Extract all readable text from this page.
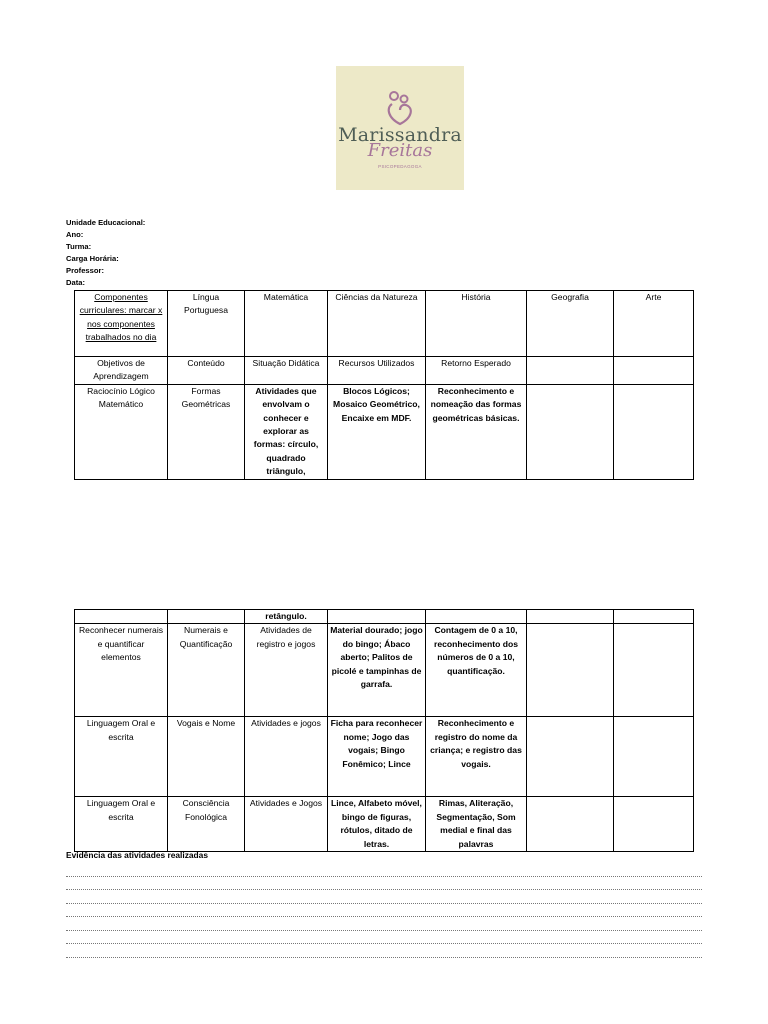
Marissandra
Freitas
PSICOPEDAGOGA
Unidade Educacional:
Ano:
Turma:
Carga Horária:
Professor:
Data:
Componentes curriculares: marcar x nos componentes trabalhados no dia	Língua Portuguesa	Matemática	Ciências da Natureza	História	Geografia	Arte
Objetivos de Aprendizagem	Conteúdo	Situação Didática	Recursos Utilizados	Retorno Esperado		
Raciocínio Lógico Matemático	Formas Geométricas	Atividades que envolvam o conhecer e explorar as formas: círculo, quadrado triângulo,	Blocos Lógicos; Mosaico Geométrico, Encaixe em MDF.	Reconhecimento e nomeação das formas geométricas básicas.		
		retângulo.				
Reconhecer numerais e quantificar elementos	Numerais e Quantificação	Atividades de registro e jogos	Material dourado; jogo do bingo; Ábaco aberto; Palitos de picolé e tampinhas de garrafa.	Contagem de 0 a 10, reconhecimento dos números de 0 a 10, quantificação.		
Linguagem Oral e escrita	Vogais e Nome	Atividades e jogos	Ficha para reconhecer nome; Jogo das vogais; Bingo Fonêmico; Lince	Reconhecimento e registro do nome da criança; e registro das vogais.		
Linguagem Oral e escrita	Consciência Fonológica	Atividades e Jogos	Lince, Alfabeto móvel, bingo de figuras, rótulos, ditado de letras.	Rimas, Aliteração, Segmentação, Som medial e final das palavras		
Evidência das atividades realizadas
